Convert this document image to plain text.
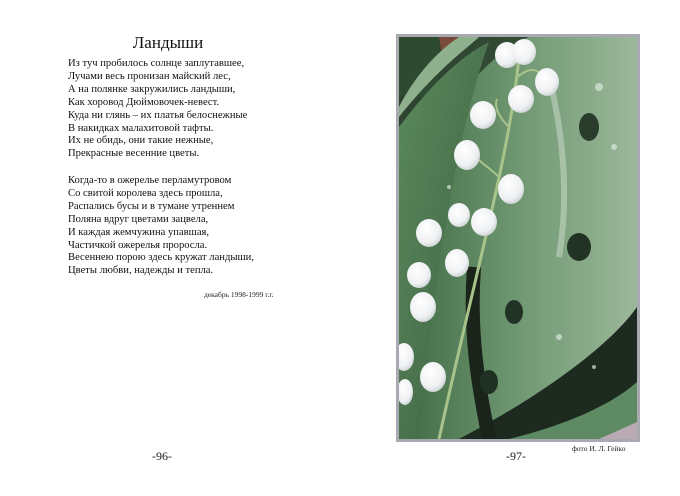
Ландыши
Из туч пробилось солнце заплутавшее,
Лучами весь пронизан майский лес,
А на полянке закружились ландыши,
Как хоровод Дюймовочек-невест.
Куда ни глянь – их платья белоснежные
В накидках малахитовой тафты.
Их не обидь, они такие нежные,
Прекрасные весенние цветы.
Когда-то в ожерелье перламутровом
Со свитой королева здесь прошла,
Распались бусы и в тумане утреннем
Поляна вдруг цветами зацвела,
И каждая жемчужина упавшая,
Частичкой ожерелья проросла.
Весеннею порою здесь кружат ландыши,
Цветы любви, надежды и тепла.
декабрь 1998-1999 г.г.
-96-
фото И. Л. Гейко
-97-
